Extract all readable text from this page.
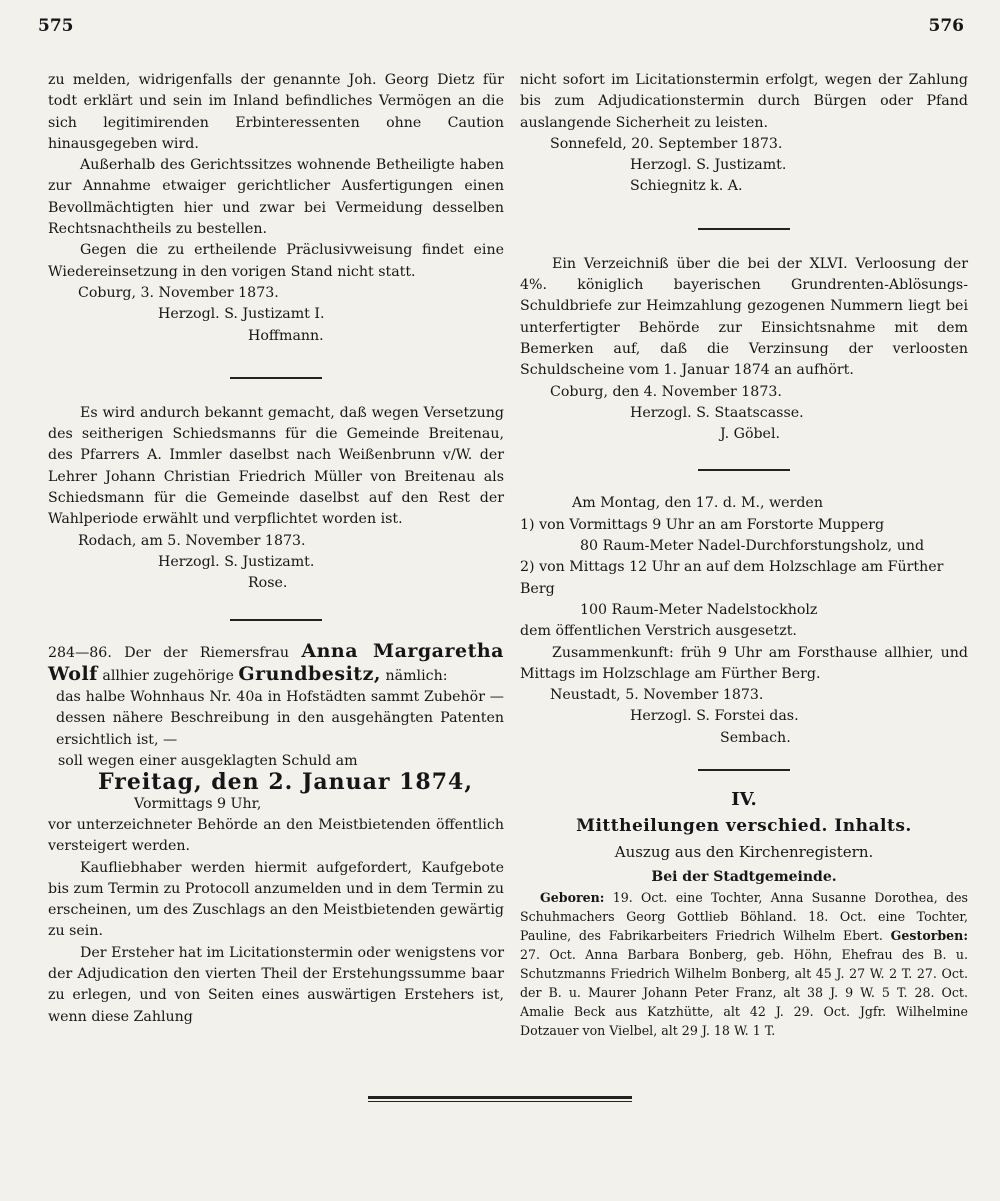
575	576

zu melden, widrigenfalls der genannte Joh. Georg Dietz für todt erklärt und sein im Inland befindliches Vermögen an die sich legitimirenden Erbinteressenten ohne Caution hinausgegeben wird.

Außerhalb des Gerichtssitzes wohnende Betheiligte haben zur Annahme etwaiger gerichtlicher Ausfertigungen einen Bevollmächtigten hier und zwar bei Vermeidung desselben Rechtsnachtheils zu bestellen.

Gegen die zu ertheilende Präclusivweisung findet eine Wiedereinsetzung in den vorigen Stand nicht statt.

Coburg, 3. November 1873.

Herzogl. S. Justizamt I.

Hoffmann.

Es wird andurch bekannt gemacht, daß wegen Versetzung des seitherigen Schiedsmanns für die Gemeinde Breitenau, des Pfarrers A. Immler daselbst nach Weißenbrunn v/W. der Lehrer Johann Christian Friedrich Müller von Breitenau als Schiedsmann für die Gemeinde daselbst auf den Rest der Wahlperiode erwählt und verpflichtet worden ist.

Rodach, am 5. November 1873.

Herzogl. S. Justizamt.

Rose.

284—86. Der der Riemersfrau Anna Margaretha Wolf allhier zugehörige Grundbesitz, nämlich:

das halbe Wohnhaus Nr. 40a in Hofstädten sammt Zubehör — dessen nähere Beschreibung in den ausgehängten Patenten ersichtlich ist, —

soll wegen einer ausgeklagten Schuld am

Freitag, den 2. Januar 1874,

Vormittags 9 Uhr,

vor unterzeichneter Behörde an den Meistbietenden öffentlich versteigert werden.

Kaufliebhaber werden hiermit aufgefordert, Kaufgebote bis zum Termin zu Protocoll anzumelden und in dem Termin zu erscheinen, um des Zuschlags an den Meistbietenden gewärtig zu sein.

Der Ersteher hat im Licitationstermin oder wenigstens vor der Adjudication den vierten Theil der Erstehungssumme baar zu erlegen, und von Seiten eines auswärtigen Erstehers ist, wenn diese Zahlung

nicht sofort im Licitationstermin erfolgt, wegen der Zahlung bis zum Adjudicationstermin durch Bürgen oder Pfand auslangende Sicherheit zu leisten.

Sonnefeld, 20. September 1873.

Herzogl. S. Justizamt.

Schiegnitz k. A.

Ein Verzeichniß über die bei der XLVI. Verloosung der 4%. königlich bayerischen Grundrenten-Ablösungs-Schuldbriefe zur Heimzahlung gezogenen Nummern liegt bei unterfertigter Behörde zur Einsichtsnahme mit dem Bemerken auf, daß die Verzinsung der verloosten Schuldscheine vom 1. Januar 1874 an aufhört.

Coburg, den 4. November 1873.

Herzogl. S. Staatscasse.

J. Göbel.

Am Montag, den 17. d. M., werden

1) von Vormittags 9 Uhr an am Forstorte Mupperg

80 Raum-Meter Nadel-Durchforstungsholz, und

2) von Mittags 12 Uhr an auf dem Holzschlage am Fürther Berg

100 Raum-Meter Nadelstockholz

dem öffentlichen Verstrich ausgesetzt.

Zusammenkunft: früh 9 Uhr am Forsthause allhier, und Mittags im Holzschlage am Fürther Berg.

Neustadt, 5. November 1873.

Herzogl. S. Forstei das.

Sembach.

IV.

Mittheilungen verschied. Inhalts.

Auszug aus den Kirchenregistern.

Bei der Stadtgemeinde.

Geboren: 19. Oct. eine Tochter, Anna Susanne Dorothea, des Schuhmachers Georg Gottlieb Böhland. 18. Oct. eine Tochter, Pauline, des Fabrikarbeiters Friedrich Wilhelm Ebert. Gestorben: 27. Oct. Anna Barbara Bonberg, geb. Höhn, Ehefrau des B. u. Schutzmanns Friedrich Wilhelm Bonberg, alt 45 J. 27 W. 2 T. 27. Oct. der B. u. Maurer Johann Peter Franz, alt 38 J. 9 W. 5 T. 28. Oct. Amalie Beck aus Katzhütte, alt 42 J. 29. Oct. Jgfr. Wilhelmine Dotzauer von Vielbel, alt 29 J. 18 W. 1 T.
